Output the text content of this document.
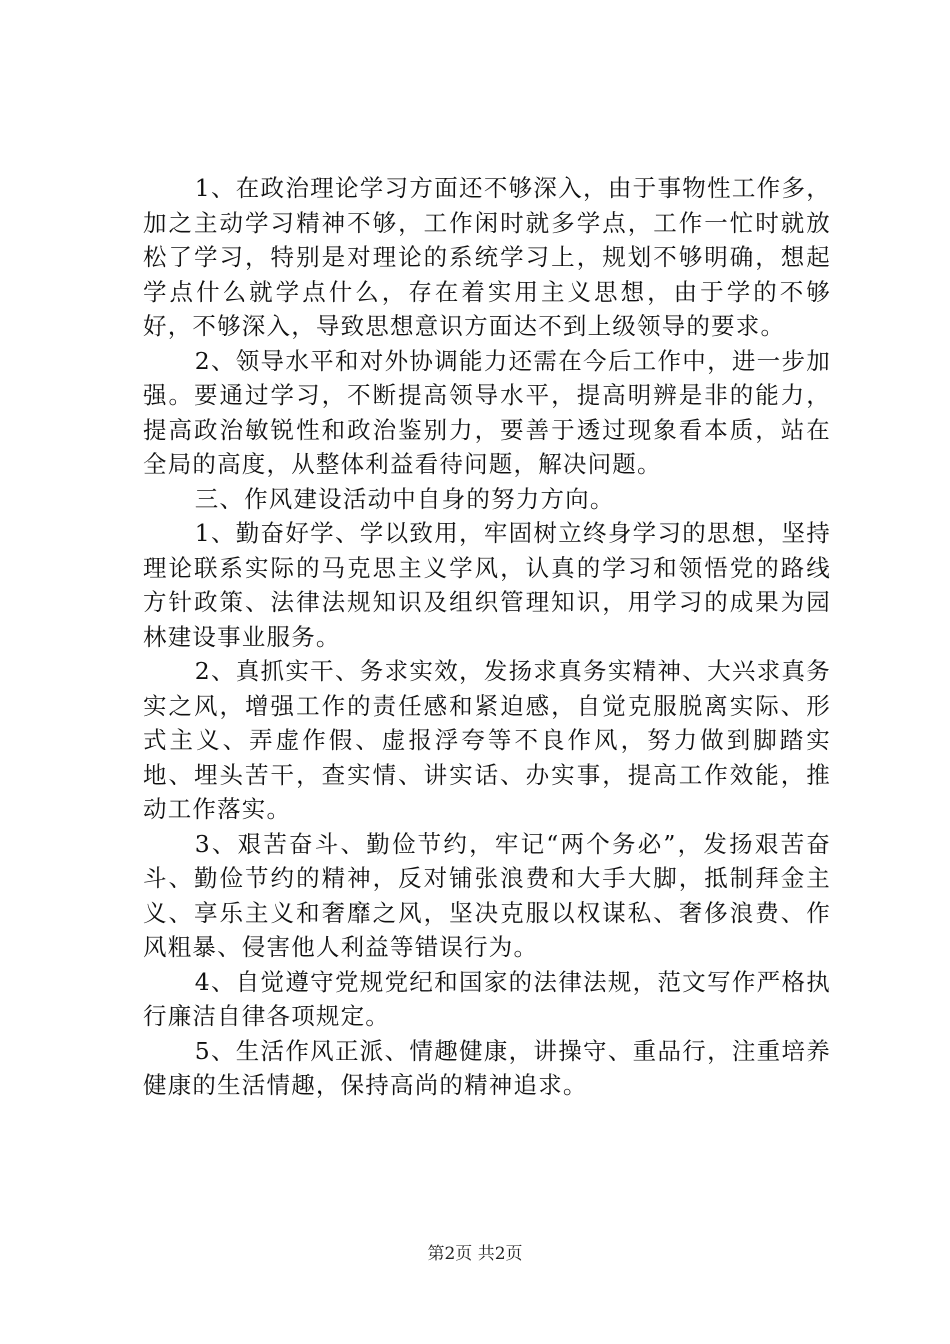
1、在政治理论学习方面还不够深入，由于事物性工作多，加之主动学习精神不够，工作闲时就多学点，工作一忙时就放松了学习，特别是对理论的系统学习上，规划不够明确，想起学点什么就学点什么，存在着实用主义思想，由于学的不够好，不够深入，导致思想意识方面达不到上级领导的要求。

2、领导水平和对外协调能力还需在今后工作中，进一步加强。要通过学习，不断提高领导水平，提高明辨是非的能力，提高政治敏锐性和政治鉴别力，要善于透过现象看本质，站在全局的高度，从整体利益看待问题，解决问题。

三、作风建设活动中自身的努力方向。

1、勤奋好学、学以致用，牢固树立终身学习的思想，坚持理论联系实际的马克思主义学风，认真的学习和领悟党的路线方针政策、法律法规知识及组织管理知识，用学习的成果为园林建设事业服务。

2、真抓实干、务求实效，发扬求真务实精神、大兴求真务实之风，增强工作的责任感和紧迫感，自觉克服脱离实际、形式主义、弄虚作假、虚报浮夸等不良作风，努力做到脚踏实地、埋头苦干，查实情、讲实话、办实事，提高工作效能，推动工作落实。

3、艰苦奋斗、勤俭节约，牢记“两个务必”，发扬艰苦奋斗、勤俭节约的精神，反对铺张浪费和大手大脚，抵制拜金主义、享乐主义和奢靡之风，坚决克服以权谋私、奢侈浪费、作风粗暴、侵害他人利益等错误行为。

4、自觉遵守党规党纪和国家的法律法规，范文写作严格执行廉洁自律各项规定。

5、生活作风正派、情趣健康，讲操守、重品行，注重培养健康的生活情趣，保持高尚的精神追求。

第2页 共2页
